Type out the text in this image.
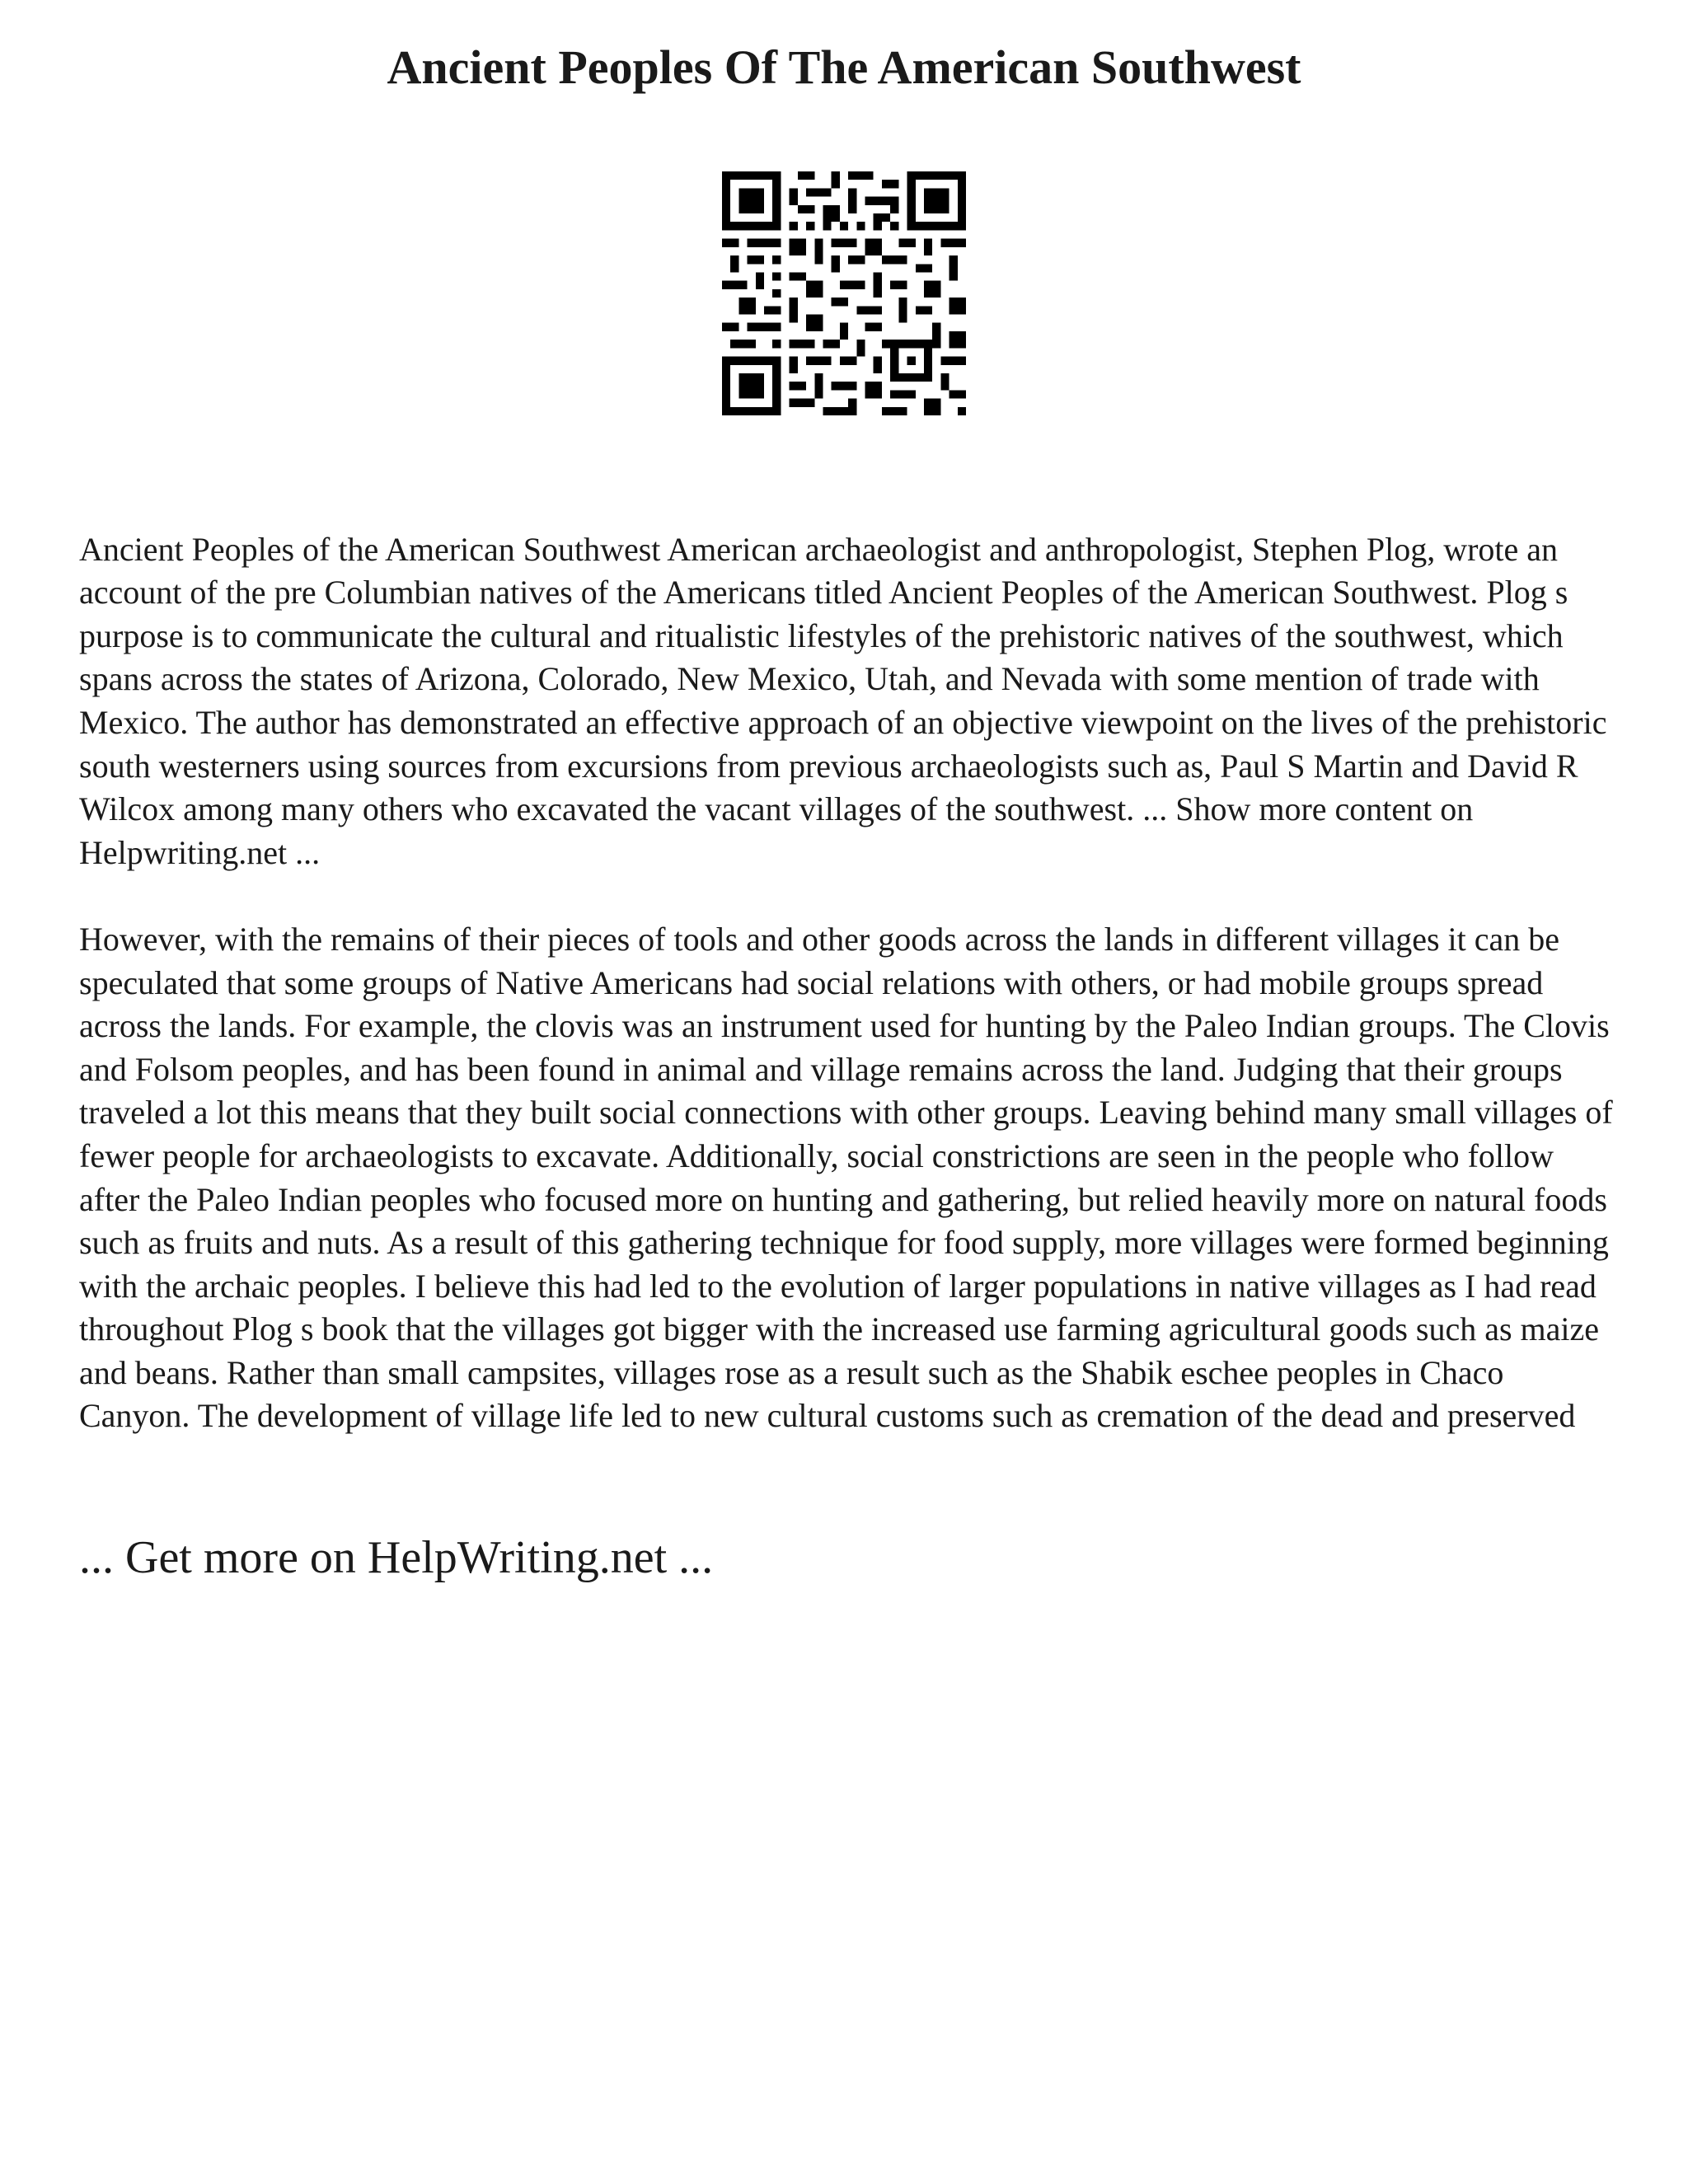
Ancient Peoples Of The American Southwest

Ancient Peoples of the American Southwest American archaeologist and anthropologist, Stephen Plog, wrote an account of the pre Columbian natives of the Americans titled Ancient Peoples of the American Southwest. Plog s purpose is to communicate the cultural and ritualistic lifestyles of the prehistoric natives of the southwest, which spans across the states of Arizona, Colorado, New Mexico, Utah, and Nevada with some mention of trade with Mexico. The author has demonstrated an effective approach of an objective viewpoint on the lives of the prehistoric south westerners using sources from excursions from previous archaeologists such as, Paul S Martin and David R Wilcox among many others who excavated the vacant villages of the southwest. ... Show more content on Helpwriting.net ...

However, with the remains of their pieces of tools and other goods across the lands in different villages it can be speculated that some groups of Native Americans had social relations with others, or had mobile groups spread across the lands. For example, the clovis was an instrument used for hunting by the Paleo Indian groups. The Clovis and Folsom peoples, and has been found in animal and village remains across the land. Judging that their groups traveled a lot this means that they built social connections with other groups. Leaving behind many small villages of fewer people for archaeologists to excavate. Additionally, social constrictions are seen in the people who follow after the Paleo Indian peoples who focused more on hunting and gathering, but relied heavily more on natural foods such as fruits and nuts. As a result of this gathering technique for food supply, more villages were formed beginning with the archaic peoples. I believe this had led to the evolution of larger populations in native villages as I had read throughout Plog s book that the villages got bigger with the increased use farming agricultural goods such as maize and beans. Rather than small campsites, villages rose as a result such as the Shabik eschee peoples in Chaco Canyon. The development of village life led to new cultural customs such as cremation of the dead and preserved

... Get more on HelpWriting.net ...
